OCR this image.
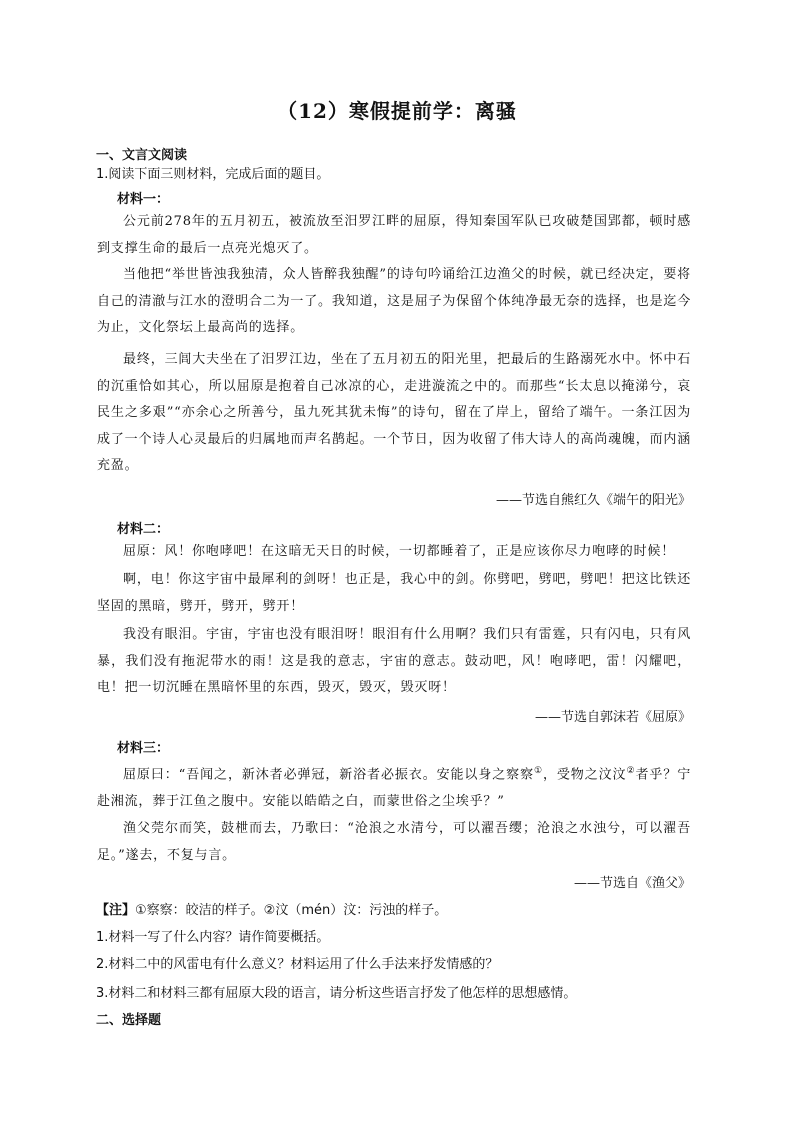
（12）寒假提前学：离骚
一、文言文阅读
1.阅读下面三则材料，完成后面的题目。
材料一：
公元前278年的五月初五，被流放至汨罗江畔的屈原，得知秦国军队已攻破楚国郢都，顿时感到支撑生命的最后一点亮光熄灭了。
当他把“举世皆浊我独清，众人皆醉我独醒”的诗句吟诵给江边渔父的时候，就已经决定，要将自己的清澈与江水的澄明合二为一了。我知道，这是屈子为保留个体纯净最无奈的选择，也是迄今为止，文化祭坛上最高尚的选择。
最终，三闾大夫坐在了汨罗江边，坐在了五月初五的阳光里，把最后的生路溺死水中。怀中石的沉重恰如其心，所以屈原是抱着自己冰凉的心，走进漩流之中的。而那些“长太息以掩涕兮，哀民生之多艰”“亦余心之所善兮，虽九死其犹未悔”的诗句，留在了岸上，留给了端午。一条江因为成了一个诗人心灵最后的归属地而声名鹊起。一个节日，因为收留了伟大诗人的高尚魂魄，而内涵充盈。
——节选自熊红久《端午的阳光》
材料二：
屈原：风！你咆哮吧！在这暗无天日的时候，一切都睡着了，正是应该你尽力咆哮的时候！
啊，电！你这宇宙中最犀利的剑呀！也正是，我心中的剑。你劈吧，劈吧，劈吧！把这比铁还坚固的黑暗，劈开，劈开，劈开！
我没有眼泪。宇宙，宇宙也没有眼泪呀！眼泪有什么用啊？我们只有雷霆，只有闪电，只有风暴，我们没有拖泥带水的雨！这是我的意志，宇宙的意志。鼓动吧，风！咆哮吧，雷！闪耀吧，电！把一切沉睡在黑暗怀里的东西，毁灭，毁灭，毁灭呀！
——节选自郭沫若《屈原》
材料三：
屈原曰：“吾闻之，新沐者必弹冠，新浴者必振衣。安能以身之察察①，受物之汶汶②者乎？宁赴湘流，葬于江鱼之腹中。安能以皓皓之白，而蒙世俗之尘埃乎？”
渔父莞尔而笑，鼓枻而去，乃歌曰：“沧浪之水清兮，可以濯吾缨；沧浪之水浊兮，可以濯吾足。”遂去，不复与言。
——节选自《渔父》
【注】①察察：皎洁的样子。②汶（mén）汶：污浊的样子。
1.材料一写了什么内容？请作简要概括。
2.材料二中的风雷电有什么意义？材料运用了什么手法来抒发情感的？
3.材料二和材料三都有屈原大段的语言，请分析这些语言抒发了他怎样的思想感情。
二、选择题
